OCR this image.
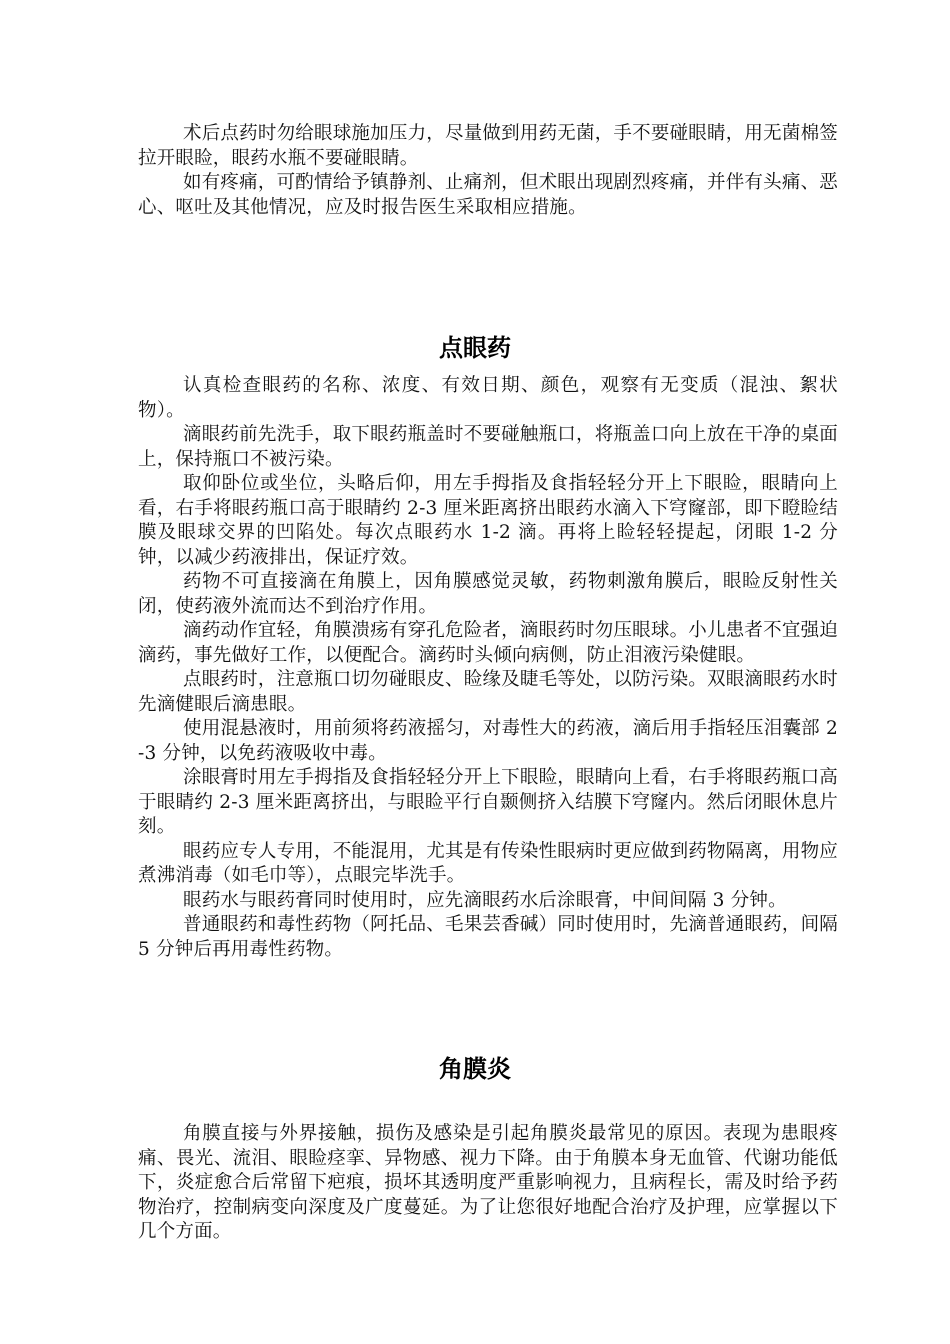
术后点药时勿给眼球施加压力，尽量做到用药无菌，手不要碰眼睛，用无菌棉签拉开眼睑，眼药水瓶不要碰眼睛。

如有疼痛，可酌情给予镇静剂、止痛剂，但术眼出现剧烈疼痛，并伴有头痛、恶心、呕吐及其他情况，应及时报告医生采取相应措施。

点眼药

认真检查眼药的名称、浓度、有效日期、颜色，观察有无变质（混浊、絮状物）。

滴眼药前先洗手，取下眼药瓶盖时不要碰触瓶口，将瓶盖口向上放在干净的桌面上，保持瓶口不被污染。

取仰卧位或坐位，头略后仰，用左手拇指及食指轻轻分开上下眼睑，眼睛向上看，右手将眼药瓶口高于眼睛约 2-3 厘米距离挤出眼药水滴入下穹窿部，即下瞪睑结膜及眼球交界的凹陷处。每次点眼药水 1-2 滴。再将上睑轻轻提起，闭眼 1-2 分钟，以减少药液排出，保证疗效。

药物不可直接滴在角膜上，因角膜感觉灵敏，药物刺激角膜后，眼睑反射性关闭，使药液外流而达不到治疗作用。

滴药动作宜轻，角膜溃疡有穿孔危险者，滴眼药时勿压眼球。小儿患者不宜强迫滴药，事先做好工作，以便配合。滴药时头倾向病侧，防止泪液污染健眼。

点眼药时，注意瓶口切勿碰眼皮、睑缘及睫毛等处，以防污染。双眼滴眼药水时先滴健眼后滴患眼。

使用混悬液时，用前须将药液摇匀，对毒性大的药液，滴后用手指轻压泪囊部 2-3 分钟，以免药液吸收中毒。

涂眼膏时用左手拇指及食指轻轻分开上下眼睑，眼睛向上看，右手将眼药瓶口高于眼睛约 2-3 厘米距离挤出，与眼睑平行自颞侧挤入结膜下穹窿内。然后闭眼休息片刻。

眼药应专人专用，不能混用，尤其是有传染性眼病时更应做到药物隔离，用物应煮沸消毒（如毛巾等），点眼完毕洗手。

眼药水与眼药膏同时使用时，应先滴眼药水后涂眼膏，中间间隔 3 分钟。

普通眼药和毒性药物（阿托品、毛果芸香碱）同时使用时，先滴普通眼药，间隔 5 分钟后再用毒性药物。

角膜炎

角膜直接与外界接触，损伤及感染是引起角膜炎最常见的原因。表现为患眼疼痛、畏光、流泪、眼睑痉挛、异物感、视力下降。由于角膜本身无血管、代谢功能低下，炎症愈合后常留下疤痕，损坏其透明度严重影响视力，且病程长，需及时给予药物治疗，控制病变向深度及广度蔓延。为了让您很好地配合治疗及护理，应掌握以下几个方面。
